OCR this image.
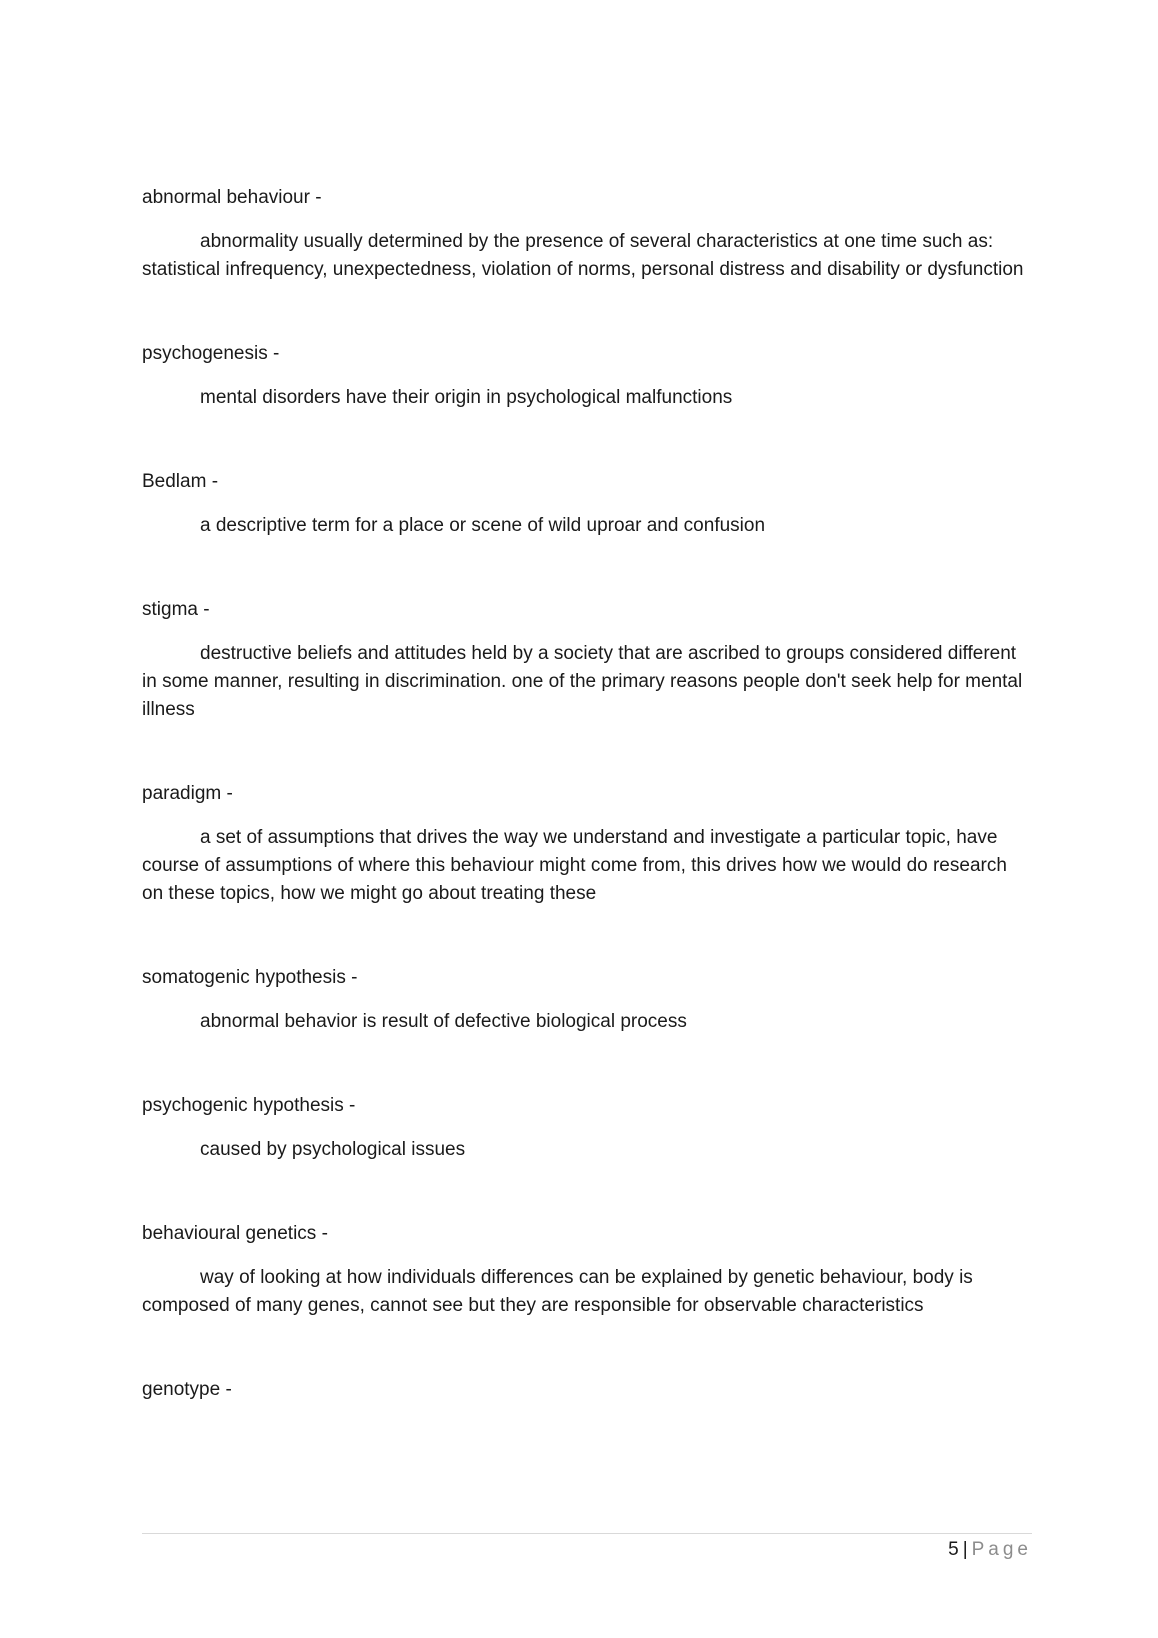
abnormal behaviour -

abnormality usually determined by the presence of several characteristics at one time such as: statistical infrequency, unexpectedness, violation of norms, personal distress and disability or dysfunction

psychogenesis -

mental disorders have their origin in psychological malfunctions

Bedlam -

a descriptive term for a place or scene of wild uproar and confusion

stigma -

destructive beliefs and attitudes held by a society that are ascribed to groups considered different in some manner, resulting in discrimination. one of the primary reasons people don't seek help for mental illness

paradigm -

a set of assumptions that drives the way we understand and investigate a particular topic, have course of assumptions of where this behaviour might come from, this drives how we would do research on these topics, how we might go about treating these

somatogenic hypothesis -

abnormal behavior is result of defective biological process

psychogenic hypothesis -

caused by psychological issues

behavioural genetics -

way of looking at how individuals differences can be explained by genetic behaviour, body is composed of many genes, cannot see but they are responsible for observable characteristics

genotype -

5 | Page
